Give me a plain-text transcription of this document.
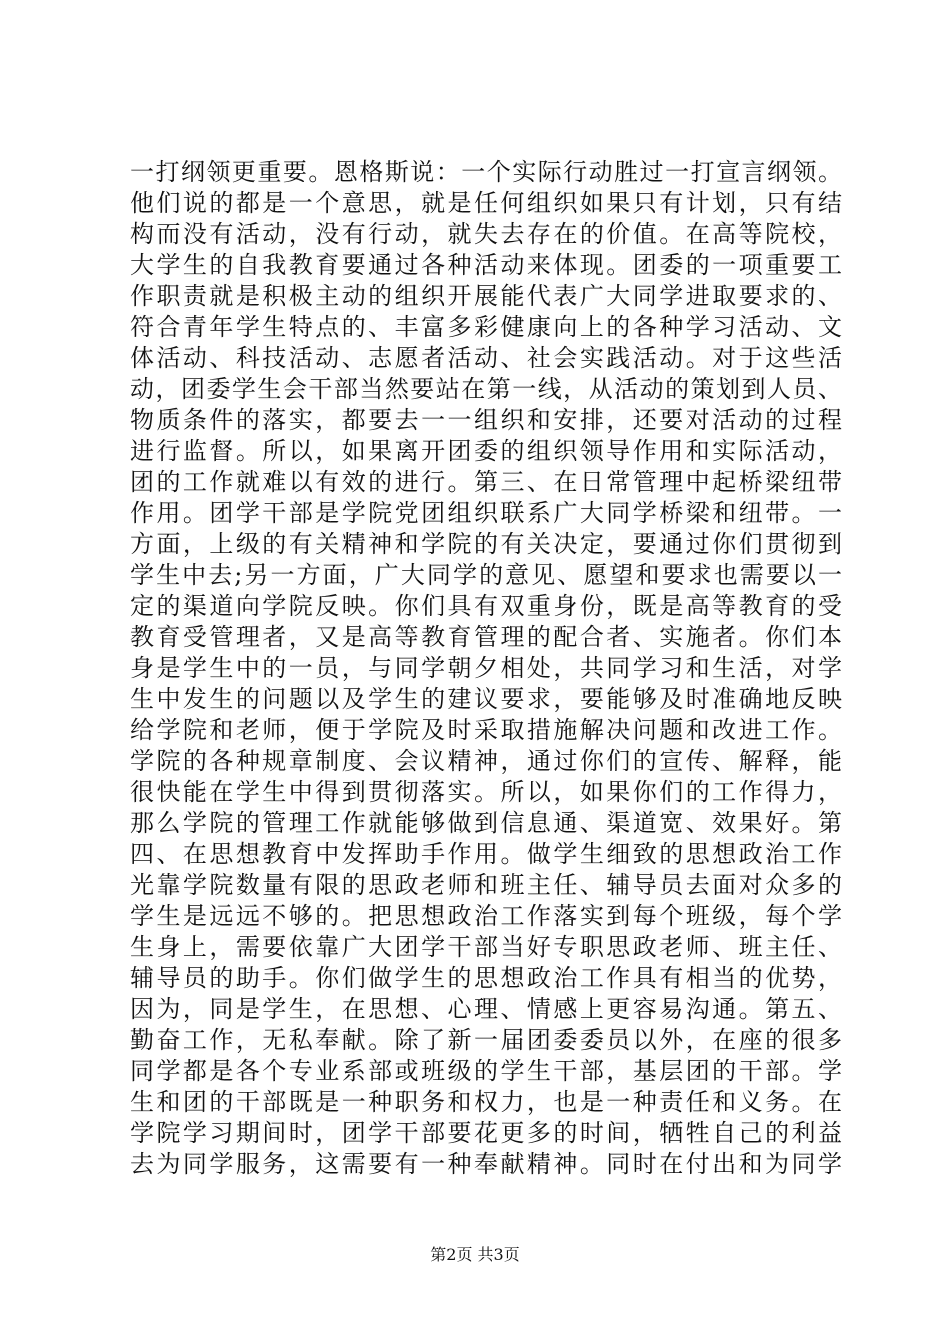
一打纲领更重要。恩格斯说：一个实际行动胜过一打宣言纲领。
他们说的都是一个意思，就是任何组织如果只有计划，只有结
构而没有活动，没有行动，就失去存在的价值。在高等院校，
大学生的自我教育要通过各种活动来体现。团委的一项重要工
作职责就是积极主动的组织开展能代表广大同学进取要求的、
符合青年学生特点的、丰富多彩健康向上的各种学习活动、文
体活动、科技活动、志愿者活动、社会实践活动。对于这些活
动，团委学生会干部当然要站在第一线，从活动的策划到人员、
物质条件的落实，都要去一一组织和安排，还要对活动的过程
进行监督。所以，如果离开团委的组织领导作用和实际活动，
团的工作就难以有效的进行。第三、在日常管理中起桥梁纽带
作用。团学干部是学院党团组织联系广大同学桥梁和纽带。一
方面，上级的有关精神和学院的有关决定，要通过你们贯彻到
学生中去;另一方面，广大同学的意见、愿望和要求也需要以一
定的渠道向学院反映。你们具有双重身份，既是高等教育的受
教育受管理者，又是高等教育管理的配合者、实施者。你们本
身是学生中的一员，与同学朝夕相处，共同学习和生活，对学
生中发生的问题以及学生的建议要求，要能够及时准确地反映
给学院和老师，便于学院及时采取措施解决问题和改进工作。
学院的各种规章制度、会议精神，通过你们的宣传、解释，能
很快能在学生中得到贯彻落实。所以，如果你们的工作得力，
那么学院的管理工作就能够做到信息通、渠道宽、效果好。第
四、在思想教育中发挥助手作用。做学生细致的思想政治工作
光靠学院数量有限的思政老师和班主任、辅导员去面对众多的
学生是远远不够的。把思想政治工作落实到每个班级，每个学
生身上，需要依靠广大团学干部当好专职思政老师、班主任、
辅导员的助手。你们做学生的思想政治工作具有相当的优势，
因为，同是学生，在思想、心理、情感上更容易沟通。第五、
勤奋工作，无私奉献。除了新一届团委委员以外，在座的很多
同学都是各个专业系部或班级的学生干部，基层团的干部。学
生和团的干部既是一种职务和权力，也是一种责任和义务。在
学院学习期间时，团学干部要花更多的时间，牺牲自己的利益
去为同学服务，这需要有一种奉献精神。同时在付出和为同学
第2页 共3页
